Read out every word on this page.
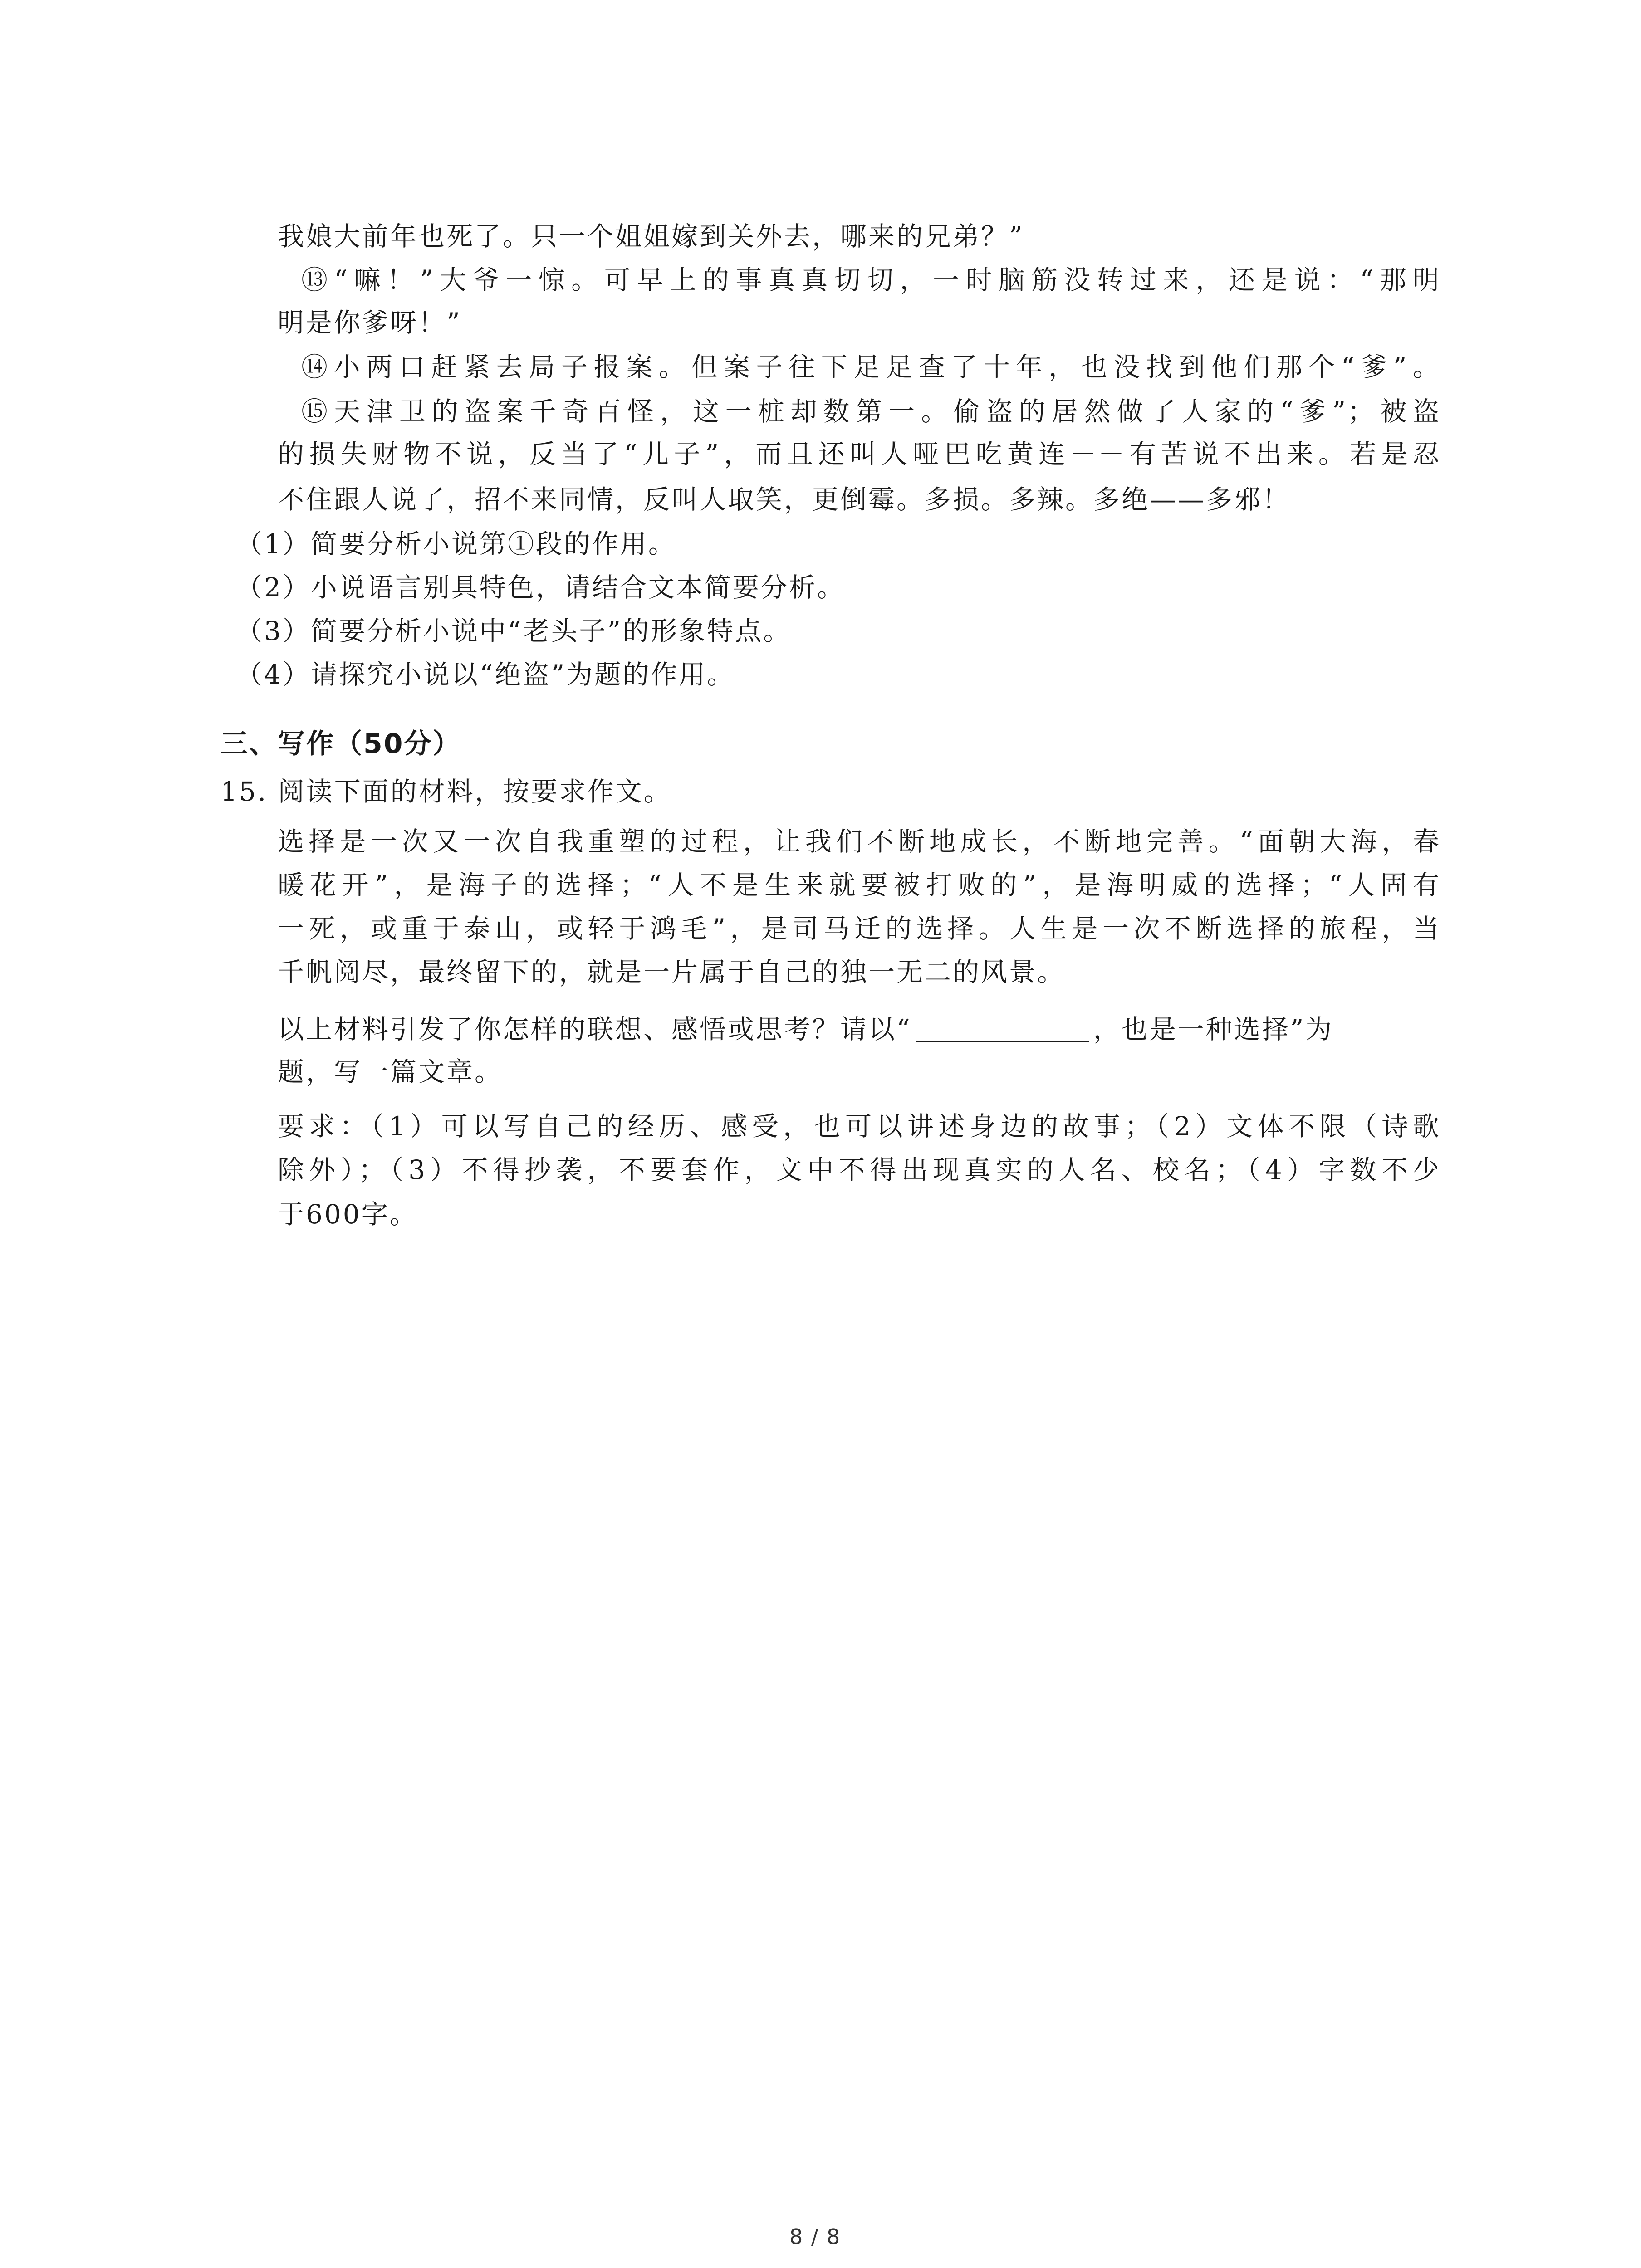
我娘大前年也死了。只一个姐姐嫁到关外去，哪来的兄弟？”
⑬“嘛！”大爷一惊。可早上的事真真切切，一时脑筋没转过来，还是说：“那明
明是你爹呀！”
⑭小两口赶紧去局子报案。但案子往下足足查了十年，也没找到他们那个“爹”。
⑮天津卫的盗案千奇百怪，这一桩却数第一。偷盗的居然做了人家的“爹”；被盗
的损失财物不说，反当了“儿子”，而且还叫人哑巴吃黄连－－有苦说不出来。若是忍
不住跟人说了，招不来同情，反叫人取笑，更倒霉。多损。多辣。多绝——多邪！
（1）简要分析小说第①段的作用。
（2）小说语言别具特色，请结合文本简要分析。
（3）简要分析小说中“老头子”的形象特点。
（4）请探究小说以“绝盗”为题的作用。
三、写作（50分）
15. 阅读下面的材料，按要求作文。
选择是一次又一次自我重塑的过程，让我们不断地成长，不断地完善。“面朝大海，春
暖花开”，是海子的选择；“人不是生来就要被打败的”，是海明威的选择；“人固有
一死，或重于泰山，或轻于鸿毛”，是司马迁的选择。人生是一次不断选择的旅程，当
千帆阅尽，最终留下的，就是一片属于自己的独一无二的风景。
以上材料引发了你怎样的联想、感悟或思考？请以“	，也是一种选择”为
题，写一篇文章。
要求：（1）可以写自己的经历、感受，也可以讲述身边的故事；（2）文体不限（诗歌
除外）；（3）不得抄袭，不要套作，文中不得出现真实的人名、校名；（4）字数不少
于600字。
8 / 8
